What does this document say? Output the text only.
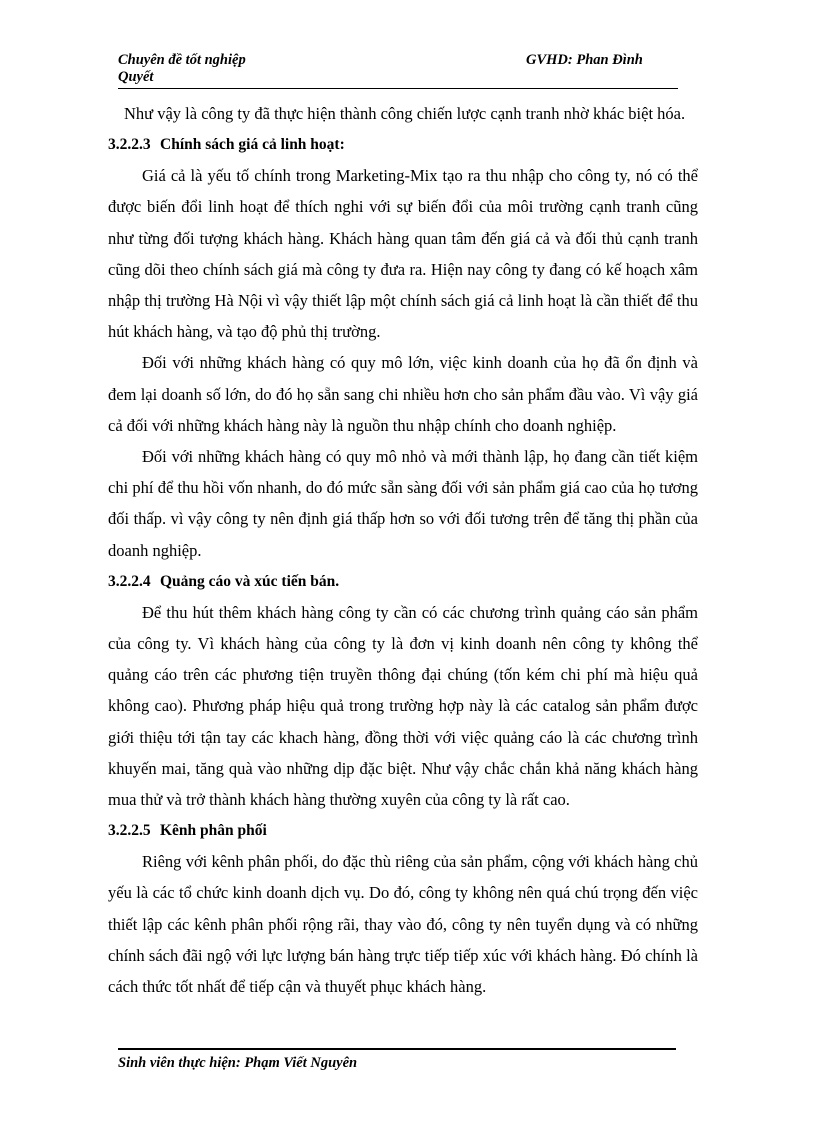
Chuyên đề tốt nghiệp Quyết
GVHD: Phan Đình

Như vậy là công ty đã thực hiện thành công chiến lược cạnh tranh nhờ khác biệt hóa.

3.2.2.3 Chính sách giá cả linh hoạt:

Giá cả là yếu tố chính trong Marketing-Mix tạo ra thu nhập cho công ty, nó có thể được biến đổi linh hoạt để thích nghi với sự biến đổi của môi trường cạnh tranh cũng như từng đối tượng khách hàng. Khách hàng quan tâm đến giá cả và đối thủ cạnh tranh cũng dõi theo chính sách giá mà công ty đưa ra. Hiện nay công ty đang có kế hoạch xâm nhập thị trường Hà Nội vì vậy thiết lập một chính sách giá cả linh hoạt là cần thiết để thu hút khách hàng, và tạo độ phủ thị trường.

Đối với những khách hàng có quy mô lớn, việc kinh doanh của họ đã ổn định và đem lại doanh số lớn, do đó họ sẵn sang chi nhiều hơn cho sản phẩm đầu vào. Vì vậy giá cả đối với những khách hàng này là nguồn thu nhập chính cho doanh nghiệp.

Đối với những khách hàng có quy mô nhỏ và mới thành lập, họ đang cần tiết kiệm chi phí để thu hồi vốn nhanh, do đó mức sẵn sàng đối với sản phẩm giá cao của họ tương đối thấp. vì vậy công ty nên định giá thấp hơn so với đối tương trên để tăng thị phần của doanh nghiệp.

3.2.2.4 Quảng cáo và xúc tiến bán.

Để thu hút thêm khách hàng công ty cần có các chương trình quảng cáo sản phẩm của công ty. Vì khách hàng của công ty là đơn vị kinh doanh nên công ty không thể quảng cáo trên các phương tiện truyền thông đại chúng (tốn kém chi phí mà hiệu quả không cao). Phương pháp hiệu quả trong trường hợp này là các catalog sản phẩm được giới thiệu tới tận tay các khach hàng, đồng thời với việc quảng cáo là các chương trình khuyến mai, tăng quà vào những dịp đặc biệt. Như vậy chắc chắn khả năng khách hàng mua thử và trở thành khách hàng thường xuyên của công ty là rất cao.

3.2.2.5 Kênh phân phối

Riêng với kênh phân phối, do đặc thù riêng của sản phẩm, cộng với khách hàng chủ yếu là các tổ chức kinh doanh dịch vụ. Do đó, công ty không nên quá chú trọng đến việc thiết lập các kênh phân phối rộng rãi, thay vào đó, công ty nên tuyển dụng và có những chính sách đãi ngộ với lực lượng bán hàng trực tiếp tiếp xúc với khách hàng. Đó chính là cách thức tốt nhất để tiếp cận và thuyết phục khách hàng.

Sinh viên thực hiện: Phạm Viết Nguyên
